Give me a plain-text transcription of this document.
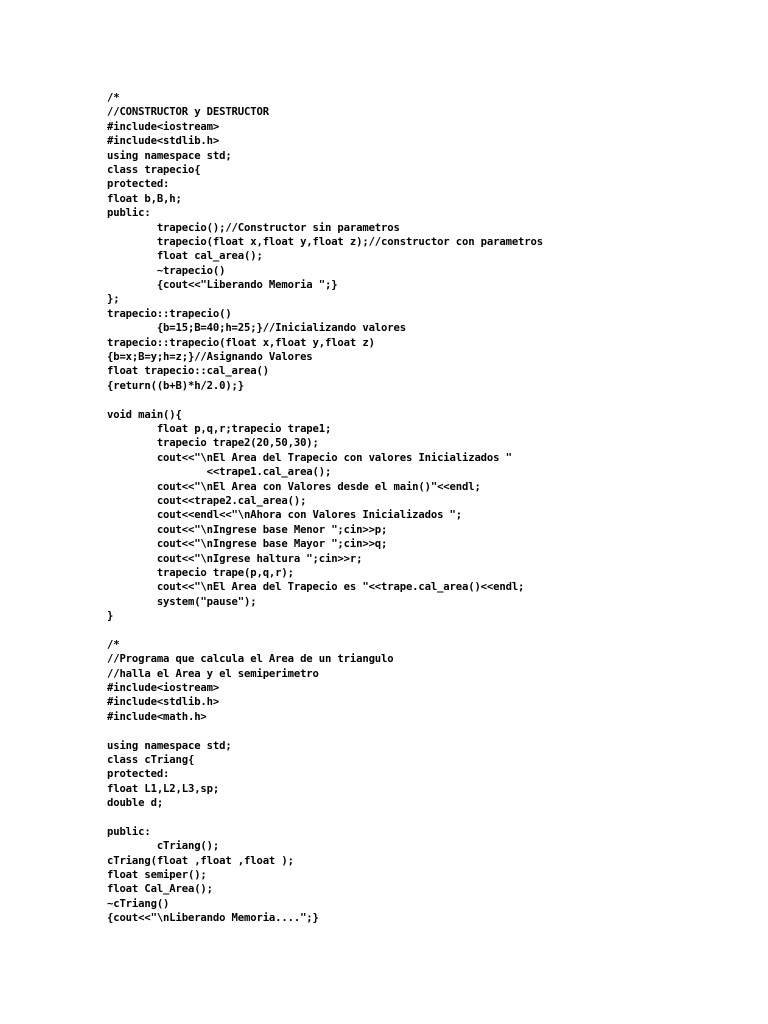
/*
//CONSTRUCTOR y DESTRUCTOR
#include<iostream>
#include<stdlib.h>
using namespace std;
class trapecio{
protected:
float b,B,h;
public:
trapecio();//Constructor sin parametros
trapecio(float x,float y,float z);//constructor con parametros
float cal_area();
~trapecio()
{cout<<"Liberando Memoria ";}
};
trapecio::trapecio()
{b=15;B=40;h=25;}//Inicializando valores
trapecio::trapecio(float x,float y,float z)
{b=x;B=y;h=z;}//Asignando Valores
float trapecio::cal_area()
{return((b+B)*h/2.0);}
void main(){
float p,q,r;trapecio trape1;
trapecio trape2(20,50,30);
cout<<"\nEl Area del Trapecio con valores Inicializados "
<<trape1.cal_area();
cout<<"\nEl Area con Valores desde el main()"<<endl;
cout<<trape2.cal_area();
cout<<endl<<"\nAhora con Valores Inicializados ";
cout<<"\nIngrese base Menor ";cin>>p;
cout<<"\nIngrese base Mayor ";cin>>q;
cout<<"\nIgrese haltura ";cin>>r;
trapecio trape(p,q,r);
cout<<"\nEl Area del Trapecio es "<<trape.cal_area()<<endl;
system("pause");
}
/*
//Programa que calcula el Area de un triangulo
//halla el Area y el semiperimetro
#include<iostream>
#include<stdlib.h>
#include<math.h>
using namespace std;
class cTriang{
protected:
float L1,L2,L3,sp;
double d;
public:
cTriang();
cTriang(float ,float ,float );
float semiper();
float Cal_Area();
~cTriang()
{cout<<"\nLiberando Memoria....";}
